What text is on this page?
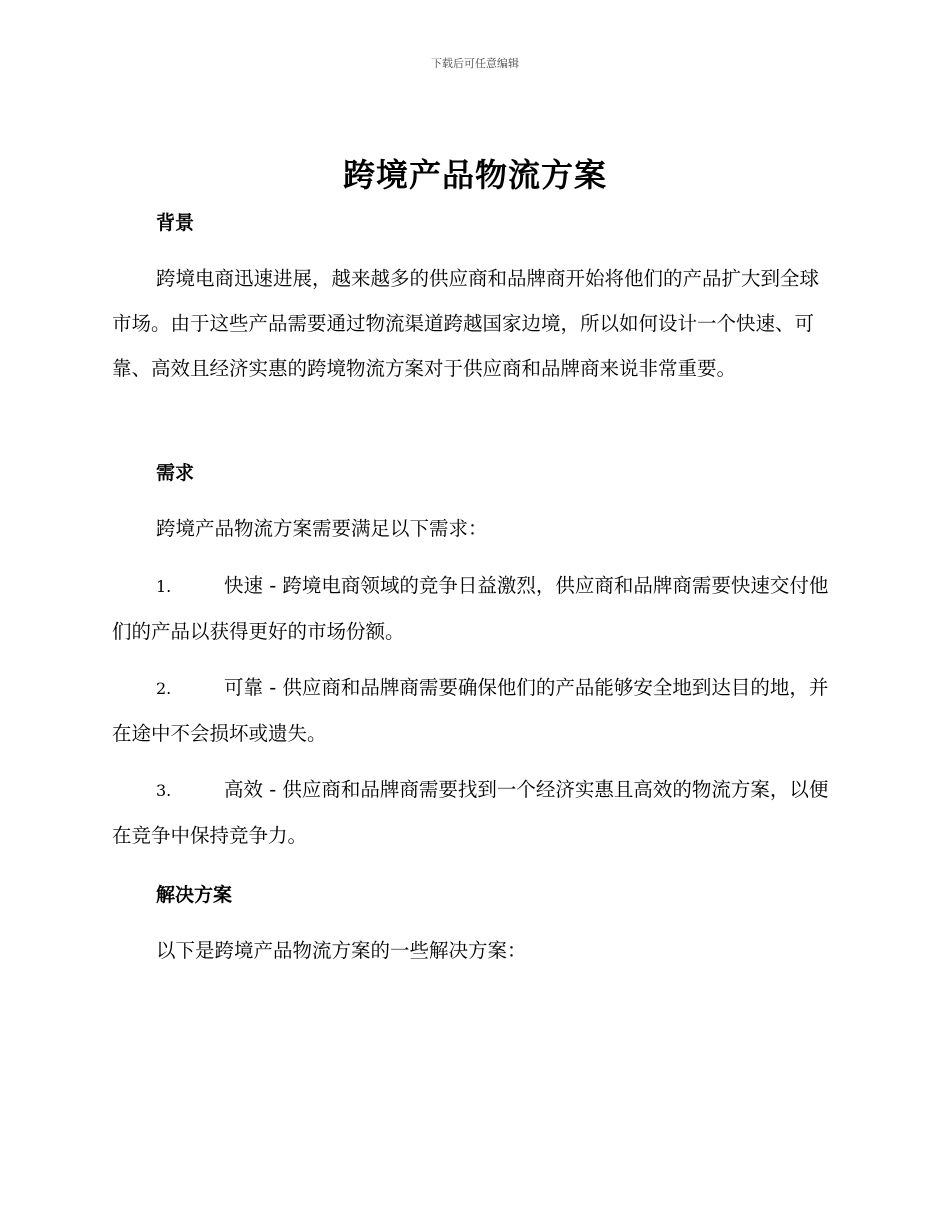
下载后可任意编辑
跨境产品物流方案
背景

跨境电商迅速进展，越来越多的供应商和品牌商开始将他们的产品扩大到全球市场。由于这些产品需要通过物流渠道跨越国家边境，所以如何设计一个快速、可靠、高效且经济实惠的跨境物流方案对于供应商和品牌商来说非常重要。

需求

跨境产品物流方案需要满足以下需求：

1.	快速 - 跨境电商领域的竞争日益激烈，供应商和品牌商需要快速交付他们的产品以获得更好的市场份额。

2.	可靠 - 供应商和品牌商需要确保他们的产品能够安全地到达目的地，并在途中不会损坏或遗失。

3.	高效 - 供应商和品牌商需要找到一个经济实惠且高效的物流方案，以便在竞争中保持竞争力。

解决方案

以下是跨境产品物流方案的一些解决方案：
